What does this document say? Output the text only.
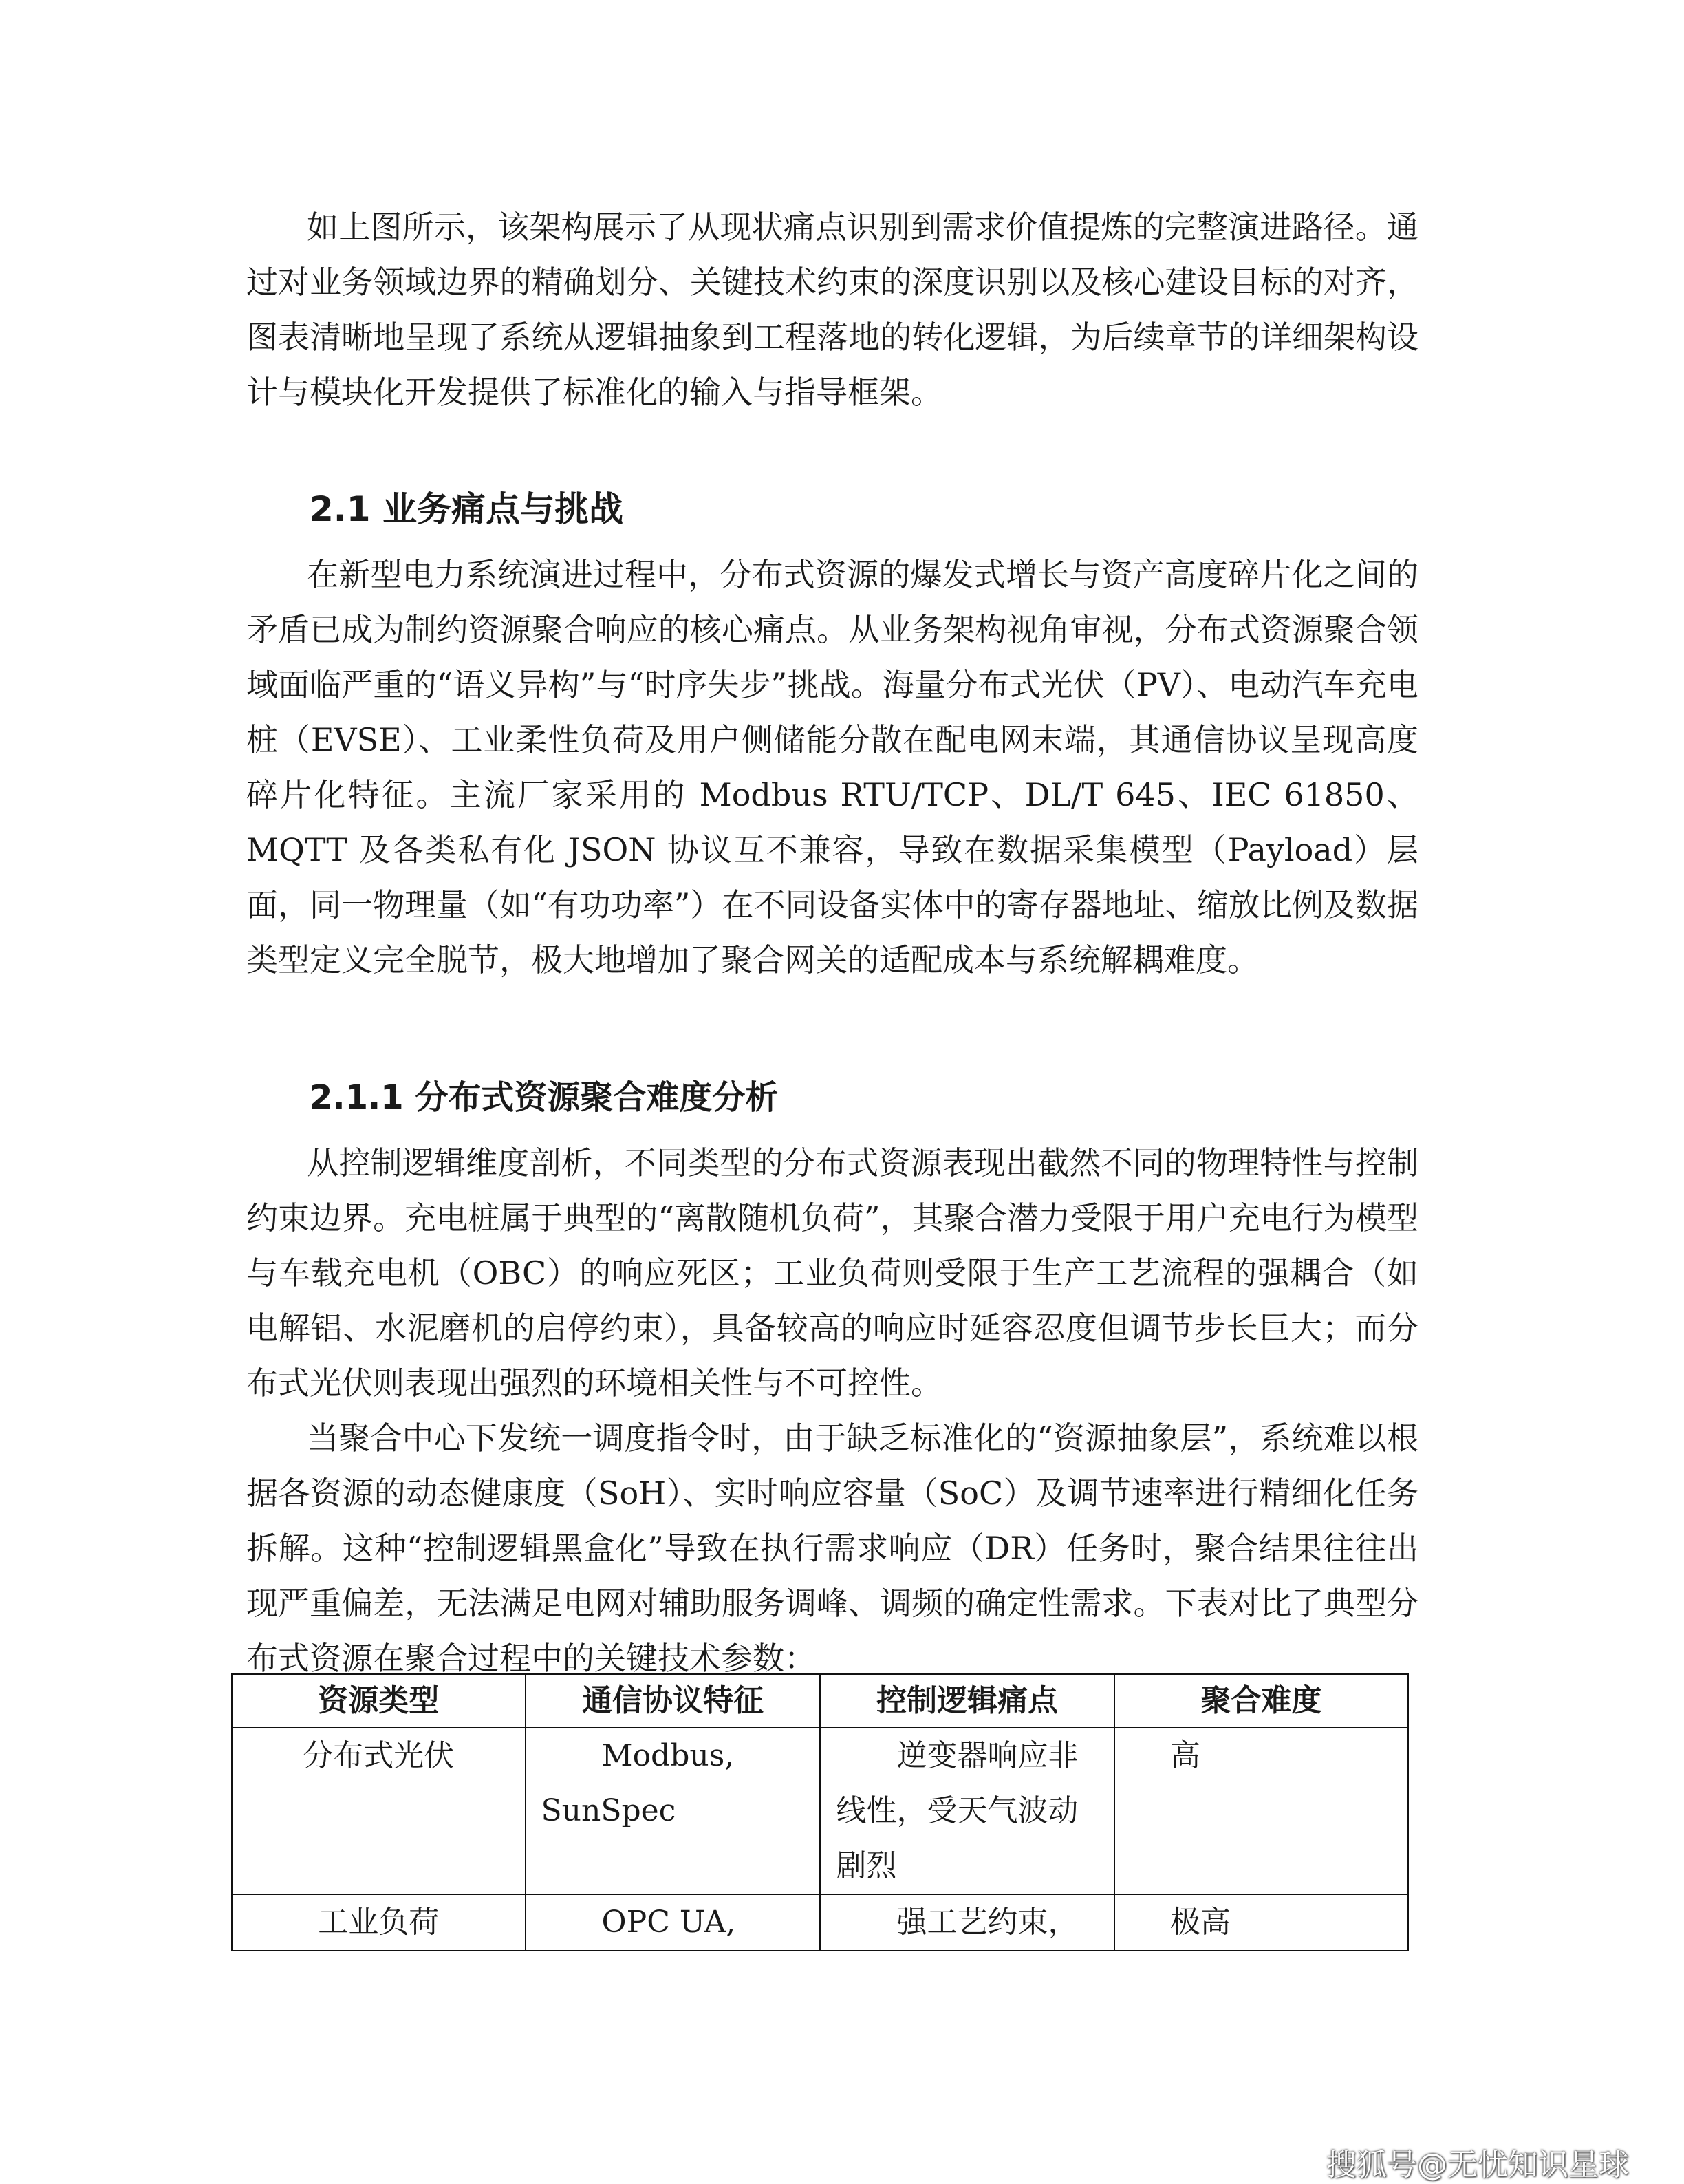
如上图所示，该架构展示了从现状痛点识别到需求价值提炼的完整演进路径。通过对业务领域边界的精确划分、关键技术约束的深度识别以及核心建设目标的对齐，图表清晰地呈现了系统从逻辑抽象到工程落地的转化逻辑，为后续章节的详细架构设计与模块化开发提供了标准化的输入与指导框架。

2.1 业务痛点与挑战

在新型电力系统演进过程中，分布式资源的爆发式增长与资产高度碎片化之间的矛盾已成为制约资源聚合响应的核心痛点。从业务架构视角审视，分布式资源聚合领域面临严重的“语义异构”与“时序失步”挑战。海量分布式光伏（PV）、电动汽车充电桩（EVSE）、工业柔性负荷及用户侧储能分散在配电网末端，其通信协议呈现高度碎片化特征。主流厂家采用的 Modbus RTU/TCP、DL/T 645、IEC 61850、MQTT 及各类私有化 JSON 协议互不兼容，导致在数据采集模型（Payload）层面，同一物理量（如“有功功率”）在不同设备实体中的寄存器地址、缩放比例及数据类型定义完全脱节，极大地增加了聚合网关的适配成本与系统解耦难度。

2.1.1 分布式资源聚合难度分析

从控制逻辑维度剖析，不同类型的分布式资源表现出截然不同的物理特性与控制约束边界。充电桩属于典型的“离散随机负荷”，其聚合潜力受限于用户充电行为模型与车载充电机（OBC）的响应死区；工业负荷则受限于生产工艺流程的强耦合（如电解铝、水泥磨机的启停约束），具备较高的响应时延容忍度但调节步长巨大；而分布式光伏则表现出强烈的环境相关性与不可控性。

当聚合中心下发统一调度指令时，由于缺乏标准化的“资源抽象层”，系统难以根据各资源的动态健康度（SoH）、实时响应容量（SoC）及调节速率进行精细化任务拆解。这种“控制逻辑黑盒化”导致在执行需求响应（DR）任务时，聚合结果往往出现严重偏差，无法满足电网对辅助服务调峰、调频的确定性需求。下表对比了典型分布式资源在聚合过程中的关键技术参数：

资源类型	通信协议特征	控制逻辑痛点	聚合难度
分布式光伏	Modbus, SunSpec	逆变器响应非线性，受天气波动剧烈	高
工业负荷	OPC UA,	强工艺约束，	极高
搜狐号@无忧知识星球
